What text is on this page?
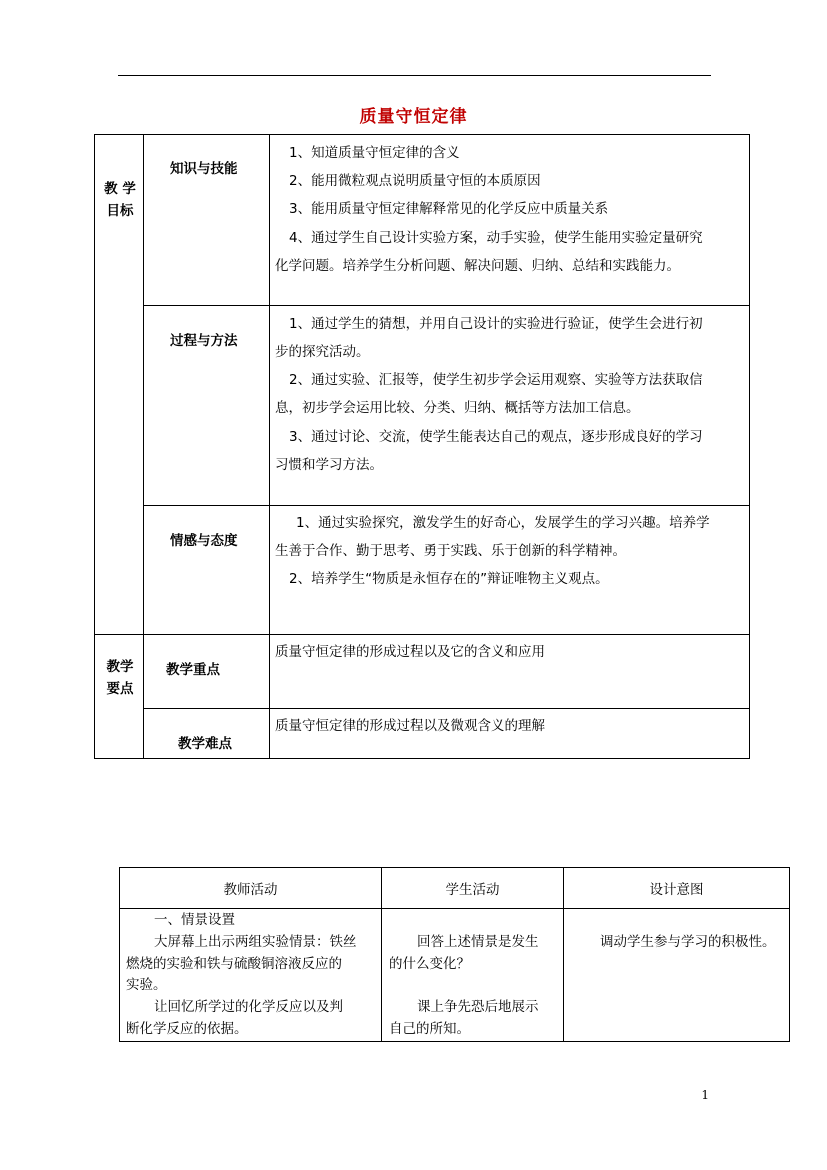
质量守恒定律
教 学
目标
教学
要点
知识与技能
过程与方法
情感与态度
教学重点
教学难点
1、知道质量守恒定律的含义
2、能用微粒观点说明质量守恒的本质原因
3、能用质量守恒定律解释常见的化学反应中质量关系
4、通过学生自己设计实验方案，动手实验，使学生能用实验定量研究
化学问题。培养学生分析问题、解决问题、归纳、总结和实践能力。
1、通过学生的猜想，并用自己设计的实验进行验证，使学生会进行初
步的探究活动。
2、通过实验、汇报等，使学生初步学会运用观察、实验等方法获取信
息，初步学会运用比较、分类、归纳、概括等方法加工信息。
3、通过讨论、交流，使学生能表达自己的观点，逐步形成良好的学习
习惯和学习方法。
1、通过实验探究，激发学生的好奇心，发展学生的学习兴趣。培养学
生善于合作、勤于思考、勇于实践、乐于创新的科学精神。
2、培养学生“物质是永恒存在的”辩证唯物主义观点。
质量守恒定律的形成过程以及它的含义和应用
质量守恒定律的形成过程以及微观含义的理解
教师活动	学生活动	设计意图
一、情景设置
大屏幕上出示两组实验情景：铁丝
燃烧的实验和铁与硫酸铜溶液反应的
实验。
让回忆所学过的化学反应以及判
断化学反应的依据。
回答上述情景是发生
的什么变化？
课上争先恐后地展示
自己的所知。
调动学生参与学习的积极性。
1
